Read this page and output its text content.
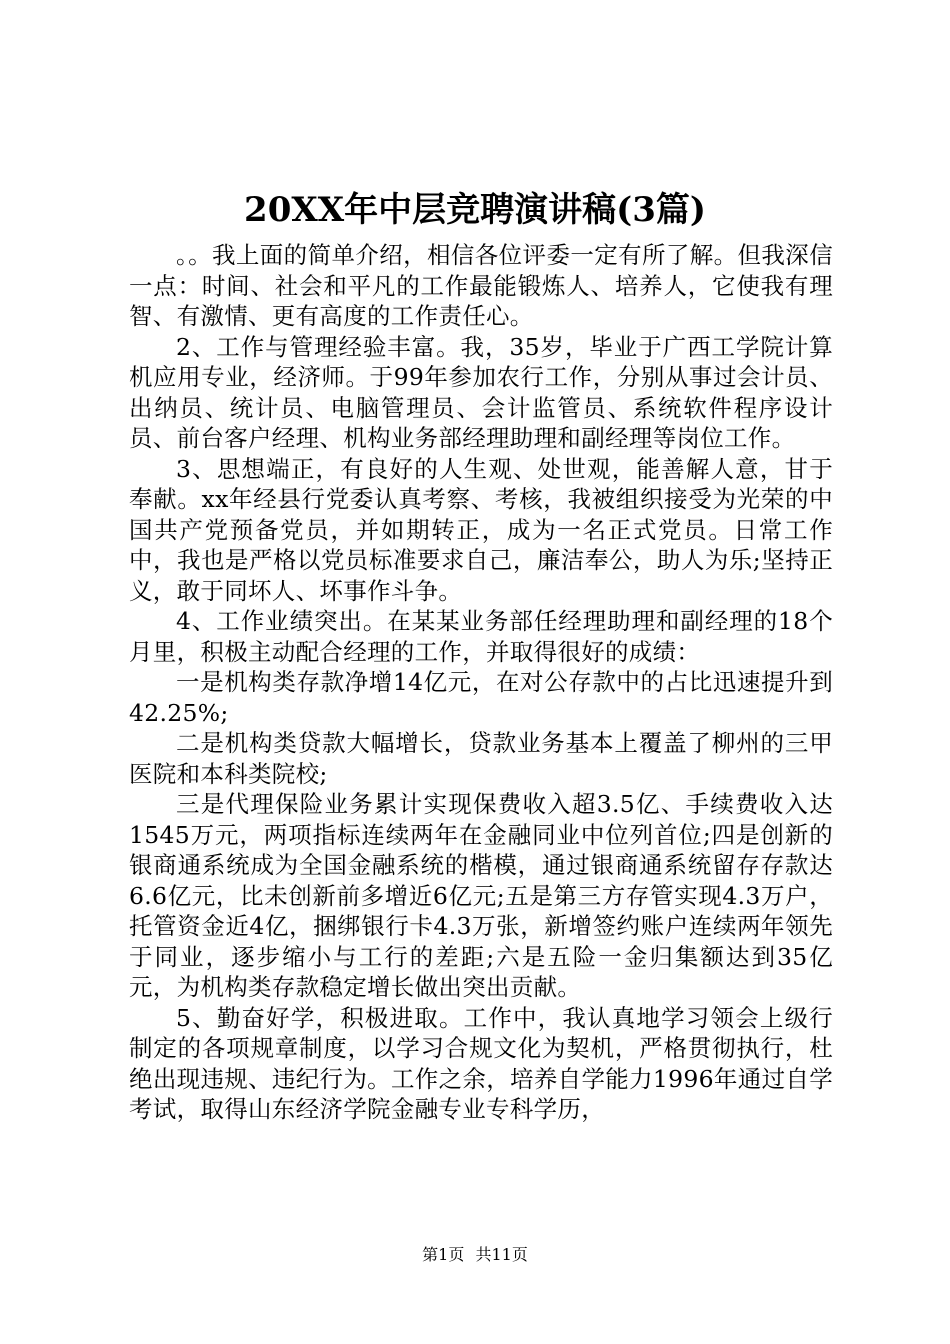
20XX年中层竞聘演讲稿(3篇)

。。我上面的简单介绍，相信各位评委一定有所了解。但我深信一点：时间、社会和平凡的工作最能锻炼人、培养人，它使我有理智、有激情、更有高度的工作责任心。

2、工作与管理经验丰富。我，35岁，毕业于广西工学院计算机应用专业，经济师。于99年参加农行工作，分别从事过会计员、出纳员、统计员、电脑管理员、会计监管员、系统软件程序设计员、前台客户经理、机构业务部经理助理和副经理等岗位工作。

3、思想端正，有良好的人生观、处世观，能善解人意，甘于奉献。xx年经县行党委认真考察、考核，我被组织接受为光荣的中国共产党预备党员，并如期转正，成为一名正式党员。日常工作中，我也是严格以党员标准要求自己，廉洁奉公，助人为乐;坚持正义，敢于同坏人、坏事作斗争。

4、工作业绩突出。在某某业务部任经理助理和副经理的18个月里，积极主动配合经理的工作，并取得很好的成绩：

一是机构类存款净增14亿元，在对公存款中的占比迅速提升到42.25%;

二是机构类贷款大幅增长，贷款业务基本上覆盖了柳州的三甲医院和本科类院校;

三是代理保险业务累计实现保费收入超3.5亿、手续费收入达1545万元，两项指标连续两年在金融同业中位列首位;四是创新的银商通系统成为全国金融系统的楷模，通过银商通系统留存存款达6.6亿元，比未创新前多增近6亿元;五是第三方存管实现4.3万户，托管资金近4亿，捆绑银行卡4.3万张，新增签约账户连续两年领先于同业，逐步缩小与工行的差距;六是五险一金归集额达到35亿元，为机构类存款稳定增长做出突出贡献。

5、勤奋好学，积极进取。工作中，我认真地学习领会上级行制定的各项规章制度，以学习合规文化为契机，严格贯彻执行，杜绝出现违规、违纪行为。工作之余，培养自学能力1996年通过自学考试，取得山东经济学院金融专业专科学历，

第1页 共11页
